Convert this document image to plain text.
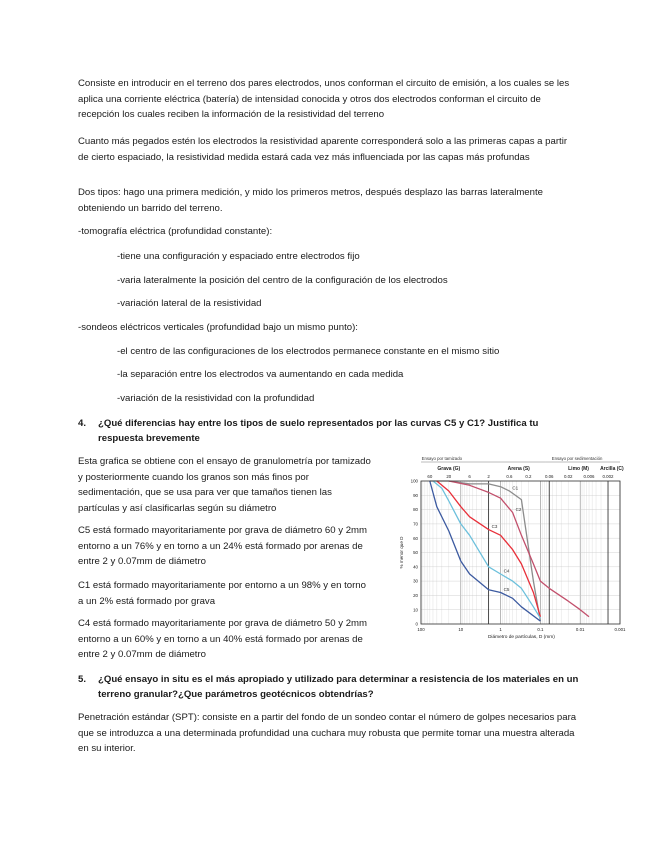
Consiste en introducir en el terreno dos pares electrodos, unos conforman el circuito de emisión, a los cuales se les aplica una corriente eléctrica (batería) de intensidad conocida y otros dos electrodos conforman el circuito de recepción los cuales reciben la información de la resistividad del terreno

Cuanto más pegados estén los electrodos la resistividad aparente corresponderá solo a las primeras capas a partir de cierto espaciado, la resistividad medida estará cada vez más influenciada por las capas más profundas

Dos tipos: hago una primera medición, y mido los primeros metros, después desplazo las barras lateralmente obteniendo un barrido del terreno.

-tomografía eléctrica (profundidad constante):

-tiene una configuración y espaciado entre electrodos fijo

-varia lateralmente la posición del centro de la configuración de los electrodos

-variación lateral de la resistividad

-sondeos eléctricos verticales (profundidad bajo un mismo punto):

-el centro de las configuraciones de los electrodos permanece constante en el mismo sitio

-la separación entre los electrodos va aumentando en cada medida

-variación de la resistividad con la profundidad

4. ¿Qué diferencias hay entre los tipos de suelo representados por las curvas C5 y C1? Justifica tu respuesta brevemente

Esta grafica se obtiene con el ensayo de granulometría por tamizado y posteriormente cuando los granos son más finos por sedimentación, que se usa para ver que tamaños tienen las partículas y así clasificarlas según su diámetro

C5 está formado mayoritariamente por grava de diámetro 60 y 2mm entorno a un 76% y en torno a un 24% está formado por arenas de entre 2 y 0.07mm de diámetro

C1 está formado mayoritariamente por entorno a un 98% y en torno a un 2% está formado por grava

C4 está formado mayoritariamente por grava de diámetro 50 y 2mm entorno a un 60% y en torno a un 40% está formado por arenas de entre 2 y 0.07mm de diámetro

Ensayo por tamizado	Ensayo por sedimentación
Grava (G)	Arena (S)	Limo (M) Arcilla (C)
60	20	6	2	0.6	0.2	0.06 0.02	0.006 0.002
C1
C2
C3
C4
C5
0
10
20
30
40
50
60
70
80
90
100
100	10	1	0.1	0.01	0.001
Diámetro de partículas, D (mm)
% menor que D
5. ¿Qué ensayo in situ es el más apropiado y utilizado para determinar a resistencia de los materiales en un terreno granular?¿Que parámetros geotécnicos obtendrías?

Penetración estándar (SPT): consiste en a partir del fondo de un sondeo contar el número de golpes necesarios para que se introduzca a una determinada profundidad una cuchara muy robusta que permite tomar una muestra alterada en su interior.
